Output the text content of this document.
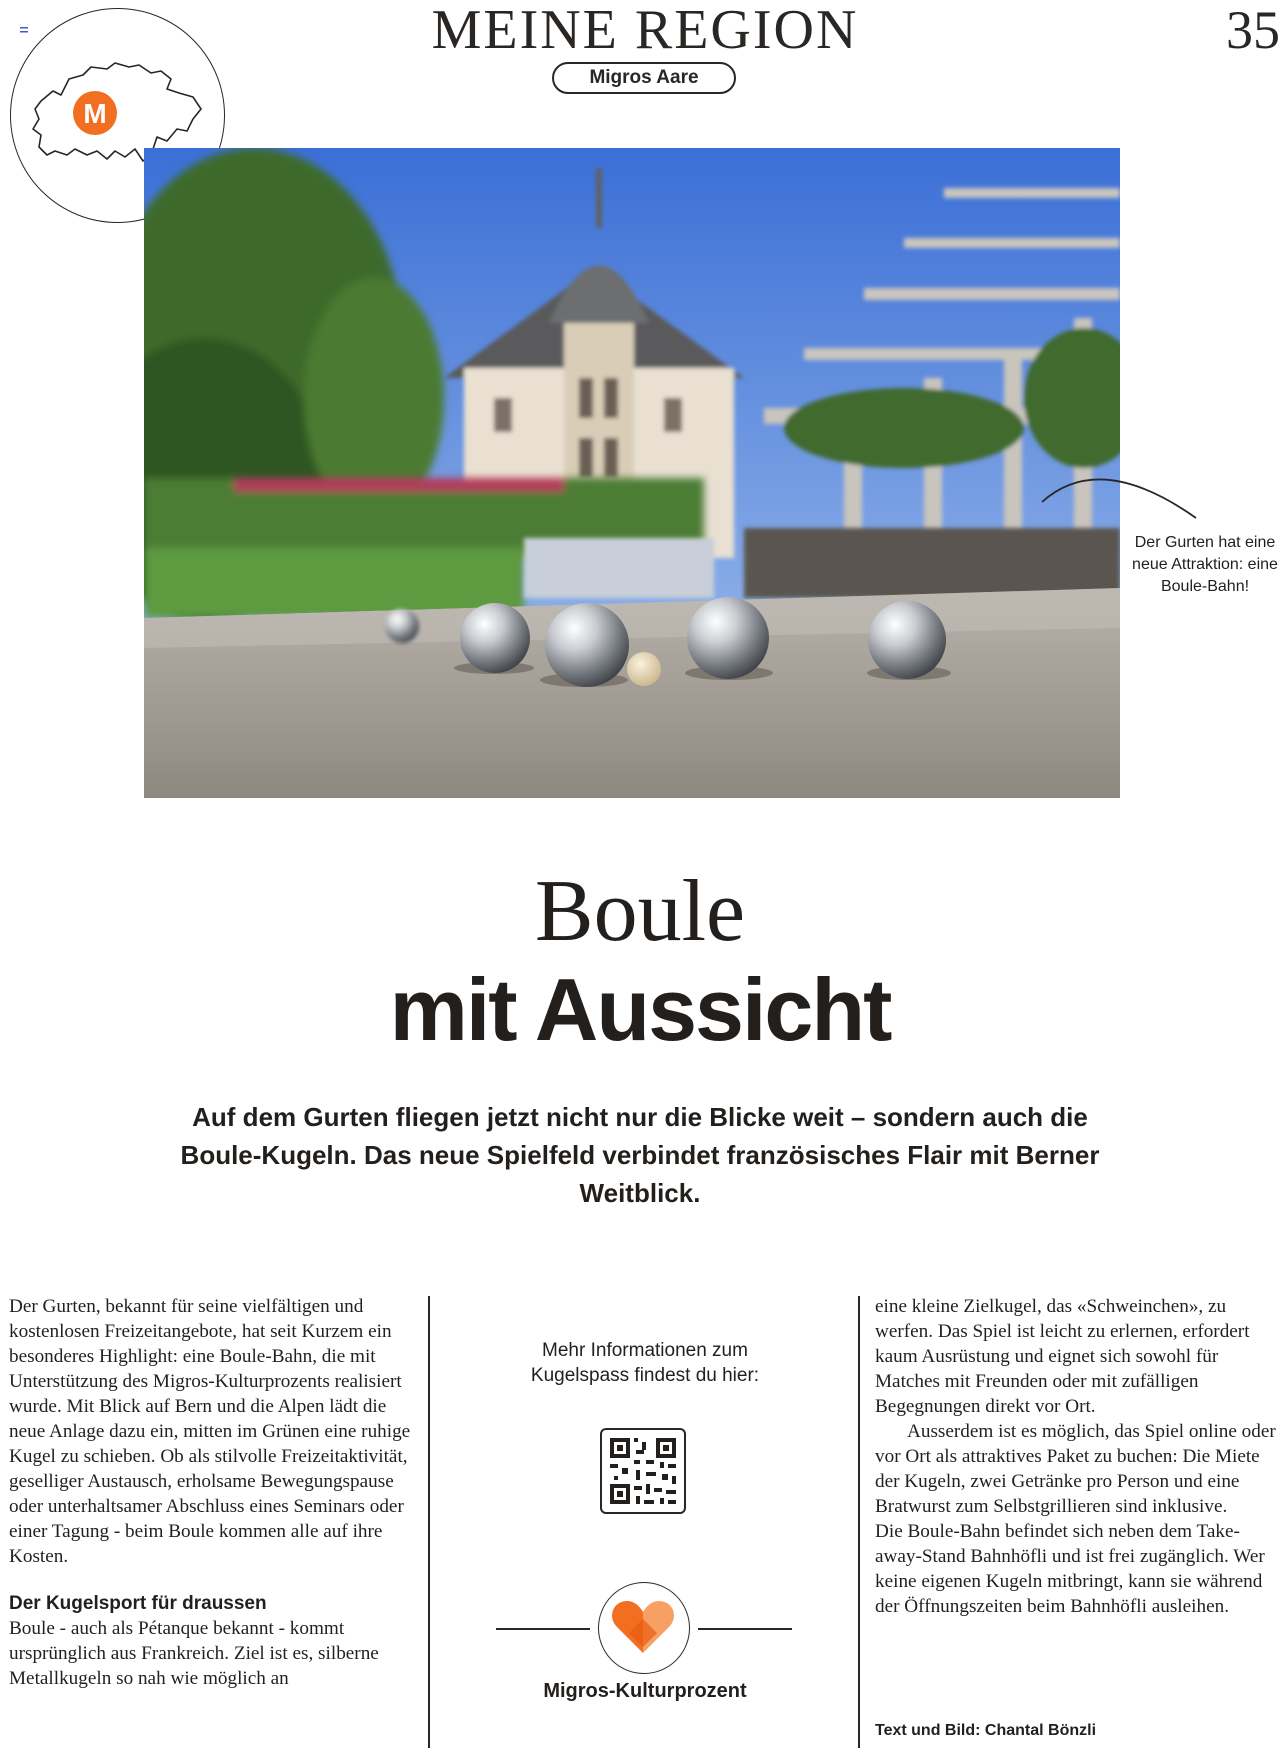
M
MEINE REGION
Migros Aare
35
Der Gurten hat eine neue Attraktion: eine Boule-Bahn!
Boule
mit Aussicht
Auf dem Gurten fliegen jetzt nicht nur die Blicke weit – sondern auch die Boule-Kugeln. Das neue Spielfeld verbindet französisches Flair mit Berner Weitblick.
Der Gurten, bekannt für seine vielfältigen und kostenlosen Freizeitangebote, hat seit Kurzem ein besonderes Highlight: eine Boule-Bahn, die mit Unterstützung des Migros-Kulturprozents realisiert wurde. Mit Blick auf Bern und die Alpen lädt die neue Anlage dazu ein, mitten im Grünen eine ruhige Kugel zu schieben. Ob als stilvolle Freizeitaktivität, geselliger Austausch, erholsame Bewegungspause oder unterhaltsamer Abschluss eines Seminars oder einer Tagung - beim Boule kommen alle auf ihre Kosten.
Der Kugelsport für draussen
Boule - auch als Pétanque bekannt - kommt ursprünglich aus Frankreich. Ziel ist es, silberne Metallkugeln so nah wie möglich an
Mehr Informationen zum Kugelspass findest du hier:
Migros-Kulturprozent
eine kleine Zielkugel, das «Schweinchen», zu werfen. Das Spiel ist leicht zu erlernen, erfordert kaum Ausrüstung und eignet sich sowohl für Matches mit Freunden oder mit zufälligen Begegnungen direkt vor Ort.
Ausserdem ist es möglich, das Spiel online oder vor Ort als attraktives Paket zu buchen: Die Miete der Kugeln, zwei Getränke pro Person und eine Bratwurst zum Selbstgrillieren sind inklusive.
Die Boule-Bahn befindet sich neben dem Take-away-Stand Bahnhöfli und ist frei zugänglich. Wer keine eigenen Kugeln mitbringt, kann sie während der Öffnungszeiten beim Bahnhöfli ausleihen.
Text und Bild: Chantal Bönzli
